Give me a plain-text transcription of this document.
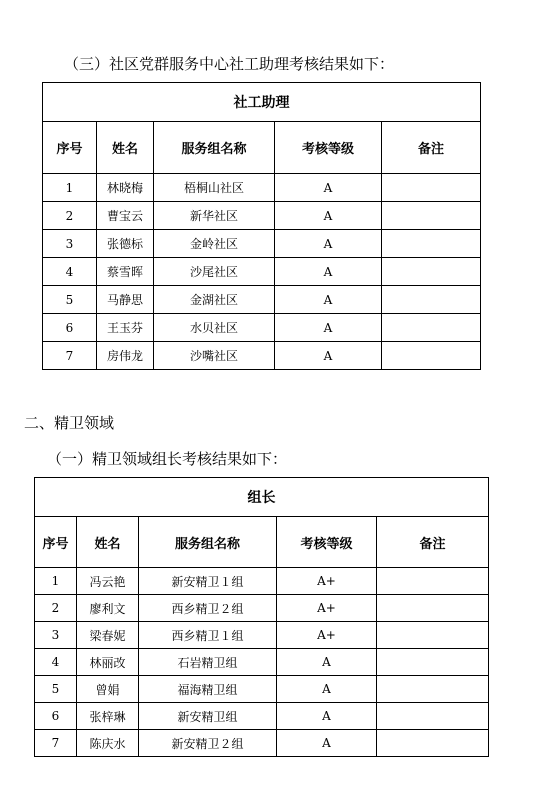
（三）社区党群服务中心社工助理考核结果如下：
社工助理				
序号	姓名	服务组名称	考核等级	备注
1	林晓梅	梧桐山社区	A	
2	曹宝云	新华社区	A	
3	张德标	金岭社区	A	
4	蔡雪晖	沙尾社区	A	
5	马静思	金湖社区	A	
6	王玉芬	水贝社区	A	
7	房伟龙	沙嘴社区	A	
二、精卫领域
（一）精卫领域组长考核结果如下：
组长				
序号	姓名	服务组名称	考核等级	备注
1	冯云艳	新安精卫１组	A+	
2	廖利文	西乡精卫２组	A+	
3	梁春妮	西乡精卫１组	A+	
4	林丽改	石岩精卫组	A	
5	曾娟	福海精卫组	A	
6	张梓琳	新安精卫组	A	
7	陈庆水	新安精卫２组	A	
